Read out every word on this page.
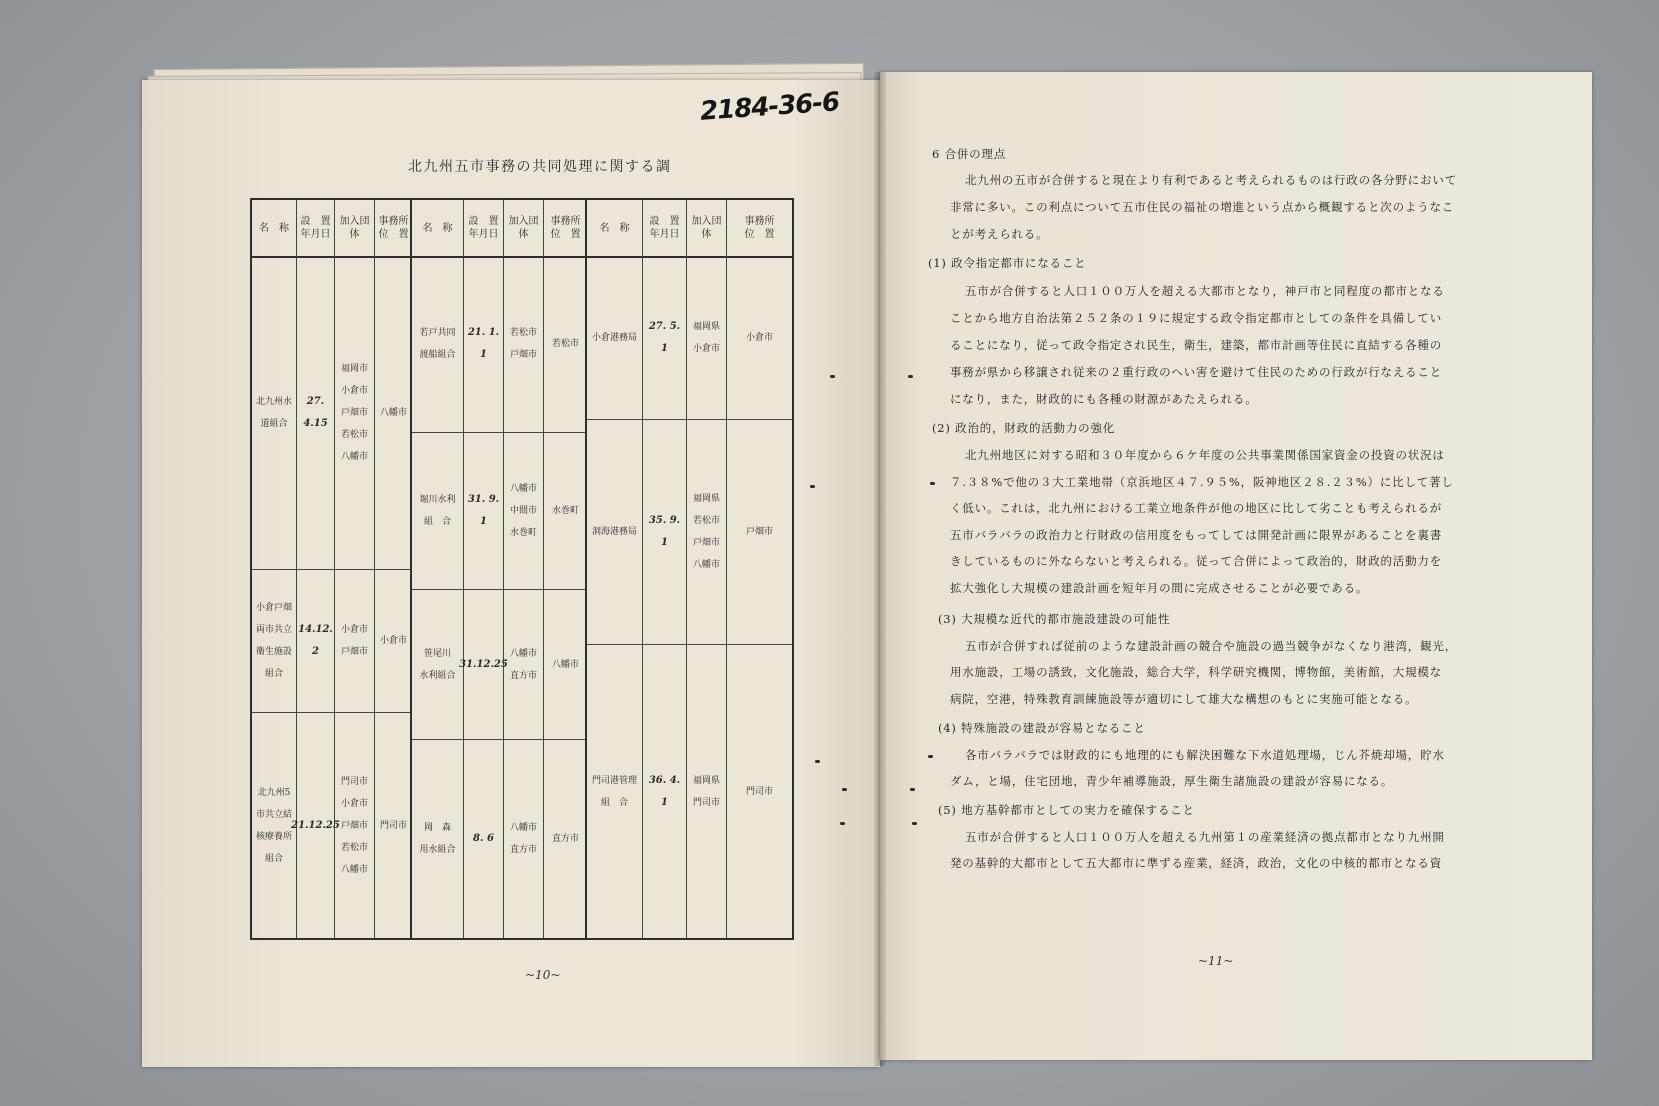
2184-36-6
北九州五市事務の共同処理に関する調
名　称
設　置
年月日
加入団体
事務所
位　置
北九州水
道組合
27. 4.15
福岡市
小倉市
戸畑市
若松市
八幡市
八幡市
小倉戸畑
両市共立
衛生施設
組合
14.12. 2
小倉市
戸畑市
小倉市
北九州5
市共立結
核療養所
組合
21.12.25
門司市
小倉市
戸畑市
若松市
八幡市
門司市
名　称
設　置
年月日
加入団体
事務所
位　置
若戸共同
渡船組合
21. 1. 1
若松市
戸畑市
若松市
堀川水利
組　合
31. 9. 1
八幡市
中間市
水巻町
水巻町
笹尾川
水利組合
31.12.25
八幡市
直方市
八幡市
岡　森
用水組合
8. 6
八幡市
直方市
直方市
名　称
設　置
年月日
加入団体
事務所
位　置
小倉港務局
27. 5. 1
福岡県
小倉市
小倉市
洞海港務局
35. 9. 1
福岡県
若松市
戸畑市
八幡市
戸畑市
門司港管理
組　合
36. 4. 1
福岡県
門司市
門司市
~10~
~11~
6 合併の理点
北九州の五市が合併すると現在より有利であると考えられるものは行政の各分野において
非常に多い。この利点について五市住民の福祉の増進という点から概観すると次のようなこ
とが考えられる。
(1) 政令指定都市になること
五市が合併すると人口１００万人を超える大都市となり，神戸市と同程度の都市となる
ことから地方自治法第２５２条の１９に規定する政令指定都市としての条件を具備してい
ることになり，従って政令指定され民生，衛生，建築，都市計画等住民に直結する各種の
事務が県から移譲され従来の２重行政のへい害を避けて住民のための行政が行なえること
になり，また，財政的にも各種の財源があたえられる。
(2) 政治的，財政的活動力の強化
北九州地区に対する昭和３０年度から６ケ年度の公共事業関係国家資金の投資の状況は
７.３８%で他の３大工業地帯（京浜地区４７.９５%，阪神地区２８.２３%）に比して著し
く低い。これは，北九州における工業立地条件が他の地区に比して劣ことも考えられるが
五市バラバラの政治力と行財政の信用度をもってしては開発計画に限界があることを裏書
きしているものに外ならないと考えられる。従って合併によって政治的，財政的活動力を
拡大強化し大規模の建設計画を短年月の間に完成させることが必要である。
(3) 大規模な近代的都市施設建設の可能性
五市が合併すれば従前のような建設計画の競合や施設の過当競争がなくなり港湾，観光，
用水施設，工場の誘致，文化施設，総合大学，科学研究機関，博物館，美術館，大規模な
病院，空港，特殊教育訓練施設等が適切にして雄大な構想のもとに実施可能となる。
(4) 特殊施設の建設が容易となること
各市バラバラでは財政的にも地理的にも解決困難な下水道処理場，じん芥焼却場，貯水
ダム，と場，住宅団地，青少年補導施設，厚生衛生諸施設の建設が容易になる。
(5) 地方基幹都市としての実力を確保すること
五市が合併すると人口１００万人を超える九州第１の産業経済の拠点都市となり九州開
発の基幹的大都市として五大都市に準ずる産業，経済，政治，文化の中核的都市となる資
